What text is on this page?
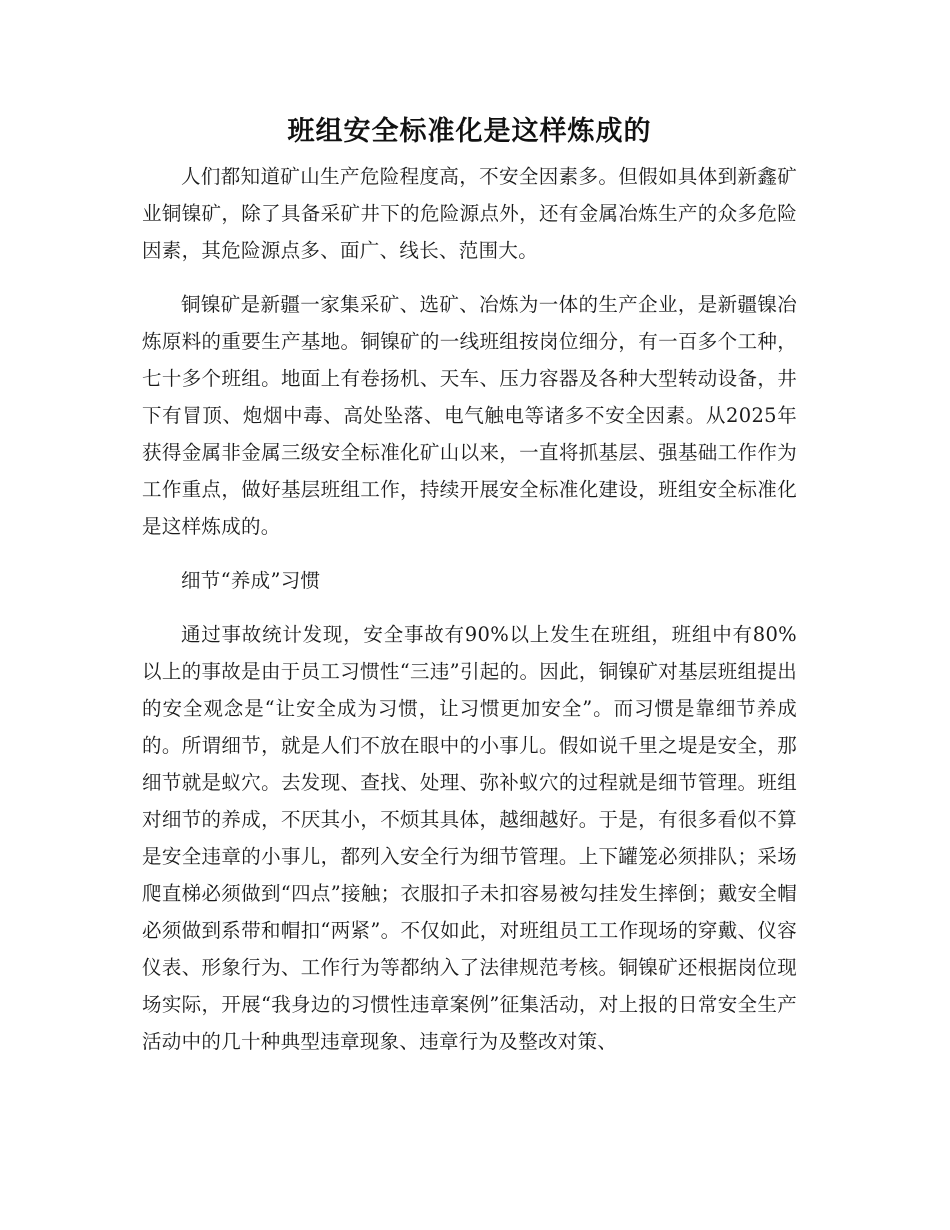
班组安全标准化是这样炼成的

人们都知道矿山生产危险程度高，不安全因素多。但假如具体到新鑫矿业铜镍矿，除了具备采矿井下的危险源点外，还有金属冶炼生产的众多危险因素，其危险源点多、面广、线长、范围大。

铜镍矿是新疆一家集采矿、选矿、冶炼为一体的生产企业，是新疆镍冶炼原料的重要生产基地。铜镍矿的一线班组按岗位细分，有一百多个工种，七十多个班组。地面上有卷扬机、天车、压力容器及各种大型转动设备，井下有冒顶、炮烟中毒、高处坠落、电气触电等诸多不安全因素。从2025年获得金属非金属三级安全标准化矿山以来，一直将抓基层、强基础工作作为工作重点，做好基层班组工作，持续开展安全标准化建设，班组安全标准化是这样炼成的。

细节“养成”习惯

通过事故统计发现，安全事故有90%以上发生在班组，班组中有80%以上的事故是由于员工习惯性“三违”引起的。因此，铜镍矿对基层班组提出的安全观念是“让安全成为习惯，让习惯更加安全”。而习惯是靠细节养成的。所谓细节，就是人们不放在眼中的小事儿。假如说千里之堤是安全，那细节就是蚁穴。去发现、查找、处理、弥补蚁穴的过程就是细节管理。班组对细节的养成，不厌其小，不烦其具体，越细越好。于是，有很多看似不算是安全违章的小事儿，都列入安全行为细节管理。上下罐笼必须排队；采场爬直梯必须做到“四点”接触；衣服扣子未扣容易被勾挂发生摔倒；戴安全帽必须做到系带和帽扣“两紧”。不仅如此，对班组员工工作现场的穿戴、仪容仪表、形象行为、工作行为等都纳入了法律规范考核。铜镍矿还根据岗位现场实际，开展“我身边的习惯性违章案例”征集活动，对上报的日常安全生产活动中的几十种典型违章现象、违章行为及整改对策、
